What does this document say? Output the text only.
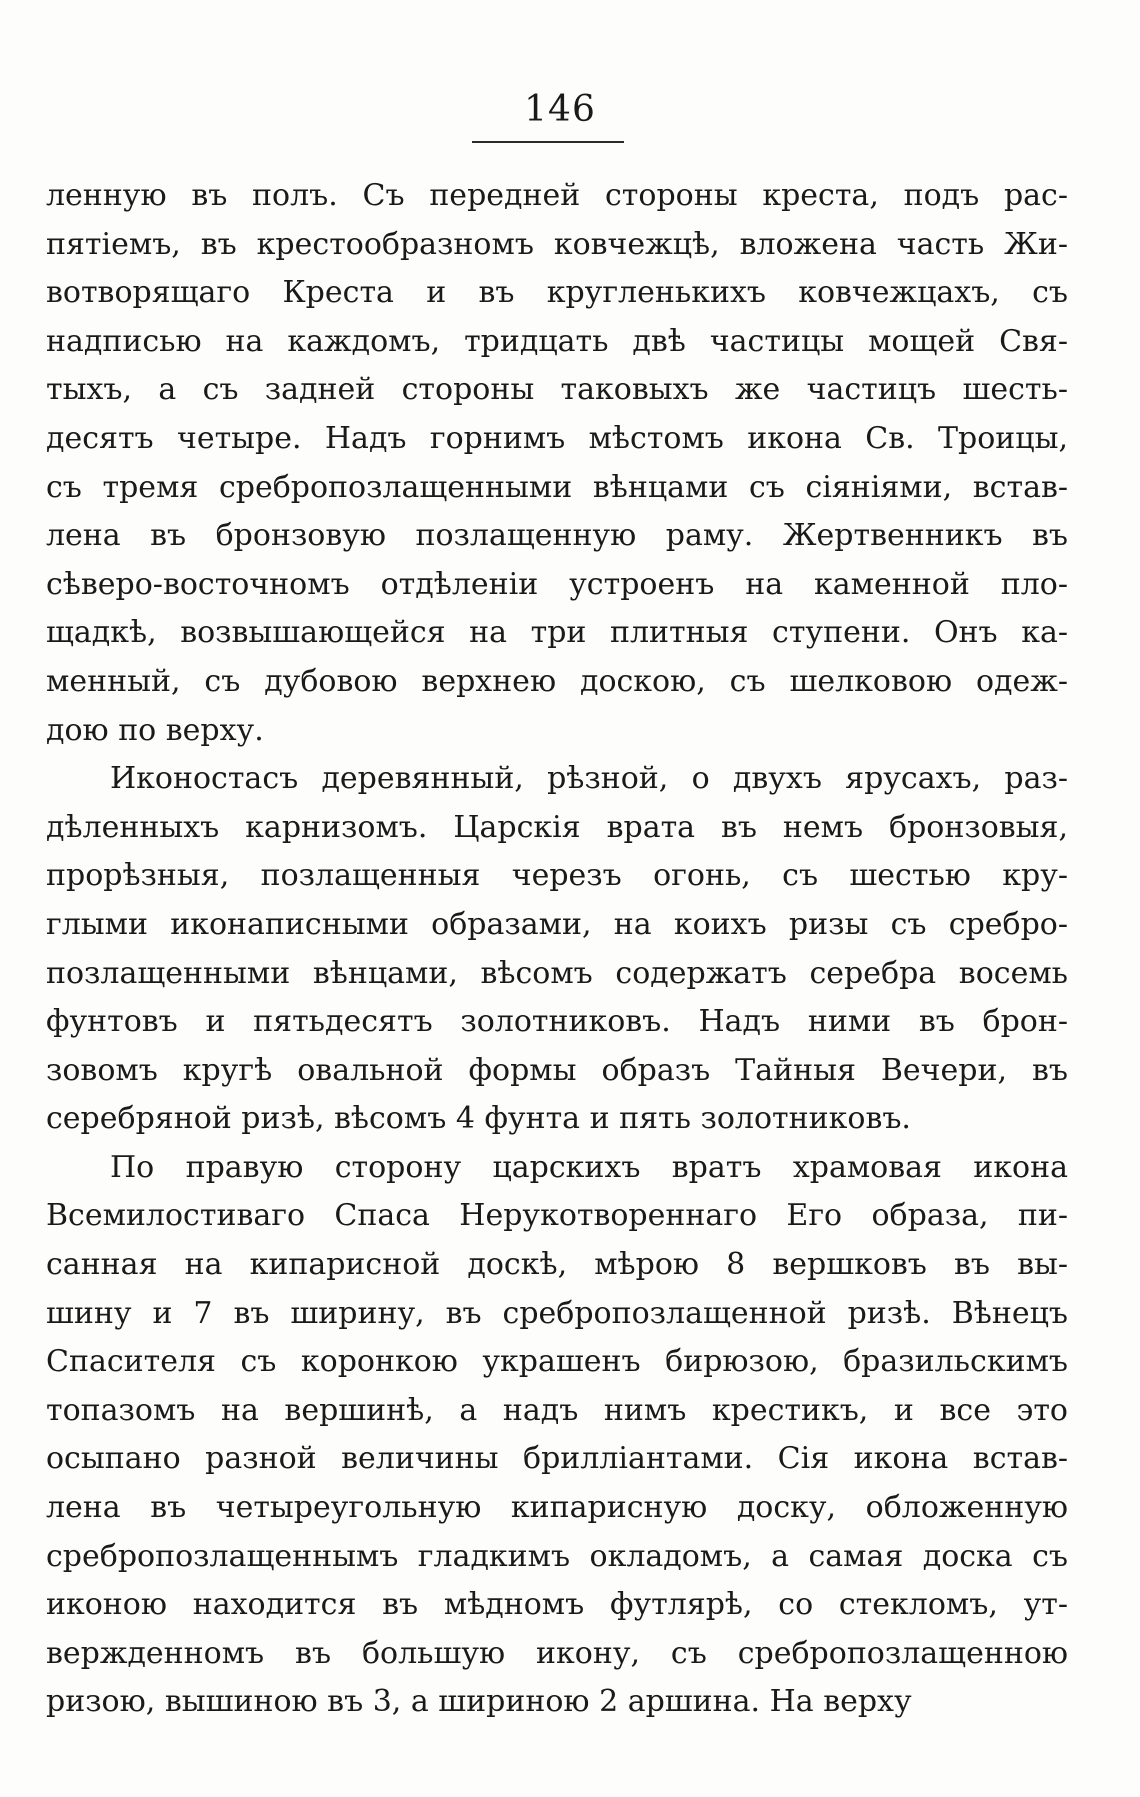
146
ленную въ полъ. Съ передней стороны креста, подъ рас-
пятiемъ, въ крестообразномъ ковчежцѣ, вложена часть Жи-
вотворящаго Креста и въ кругленькихъ ковчежцахъ, съ
надписью на каждомъ, тридцать двѣ частицы мощей Свя-
тыхъ, а съ задней стороны таковыхъ же частицъ шесть-
десятъ четыре. Надъ горнимъ мѣстомъ икона Св. Троицы,
съ тремя сребропозлащенными вѣнцами съ сiянiями, встав-
лена въ бронзовую позлащенную раму. Жертвенникъ въ
сѣверо-восточномъ отдѣленiи устроенъ на каменной пло-
щадкѣ, возвышающейся на три плитныя ступени. Онъ ка-
менный, съ дубовою верхнею доскою, съ шелковою одеж-
дою по верху.
Иконостасъ деревянный, рѣзной, о двухъ ярусахъ, раз-
дѣленныхъ карнизомъ. Царскiя врата въ немъ бронзовыя,
прорѣзныя, позлащенныя черезъ огонь, съ шестью кру-
глыми иконаписными образами, на коихъ ризы съ сребро-
позлащенными вѣнцами, вѣсомъ содержатъ серебра восемь
фунтовъ и пятьдесятъ золотниковъ. Надъ ними въ брон-
зовомъ кругѣ овальной формы образъ Тайныя Вечери, въ
серебряной ризѣ, вѣсомъ 4 фунта и пять золотниковъ.
По правую сторону царскихъ вратъ храмовая икона
Всемилостиваго Спаса Нерукотвореннаго Его образа, пи-
санная на кипарисной доскѣ, мѣрою 8 вершковъ въ вы-
шину и 7 въ ширину, въ сребропозлащенной ризѣ. Вѣнецъ
Спасителя съ коронкою украшенъ бирюзою, бразильскимъ
топазомъ на вершинѣ, а надъ нимъ крестикъ, и все это
осыпано разной величины бриллiантами. Сiя икона встав-
лена въ четыреугольную кипарисную доску, обложенную
сребропозлащеннымъ гладкимъ окладомъ, а самая доска съ
иконою находится въ мѣдномъ футлярѣ, со стекломъ, ут-
вержденномъ въ большую икону, съ сребропозлащенною
ризою, вышиною въ 3, а шириною 2 аршина. На верху
